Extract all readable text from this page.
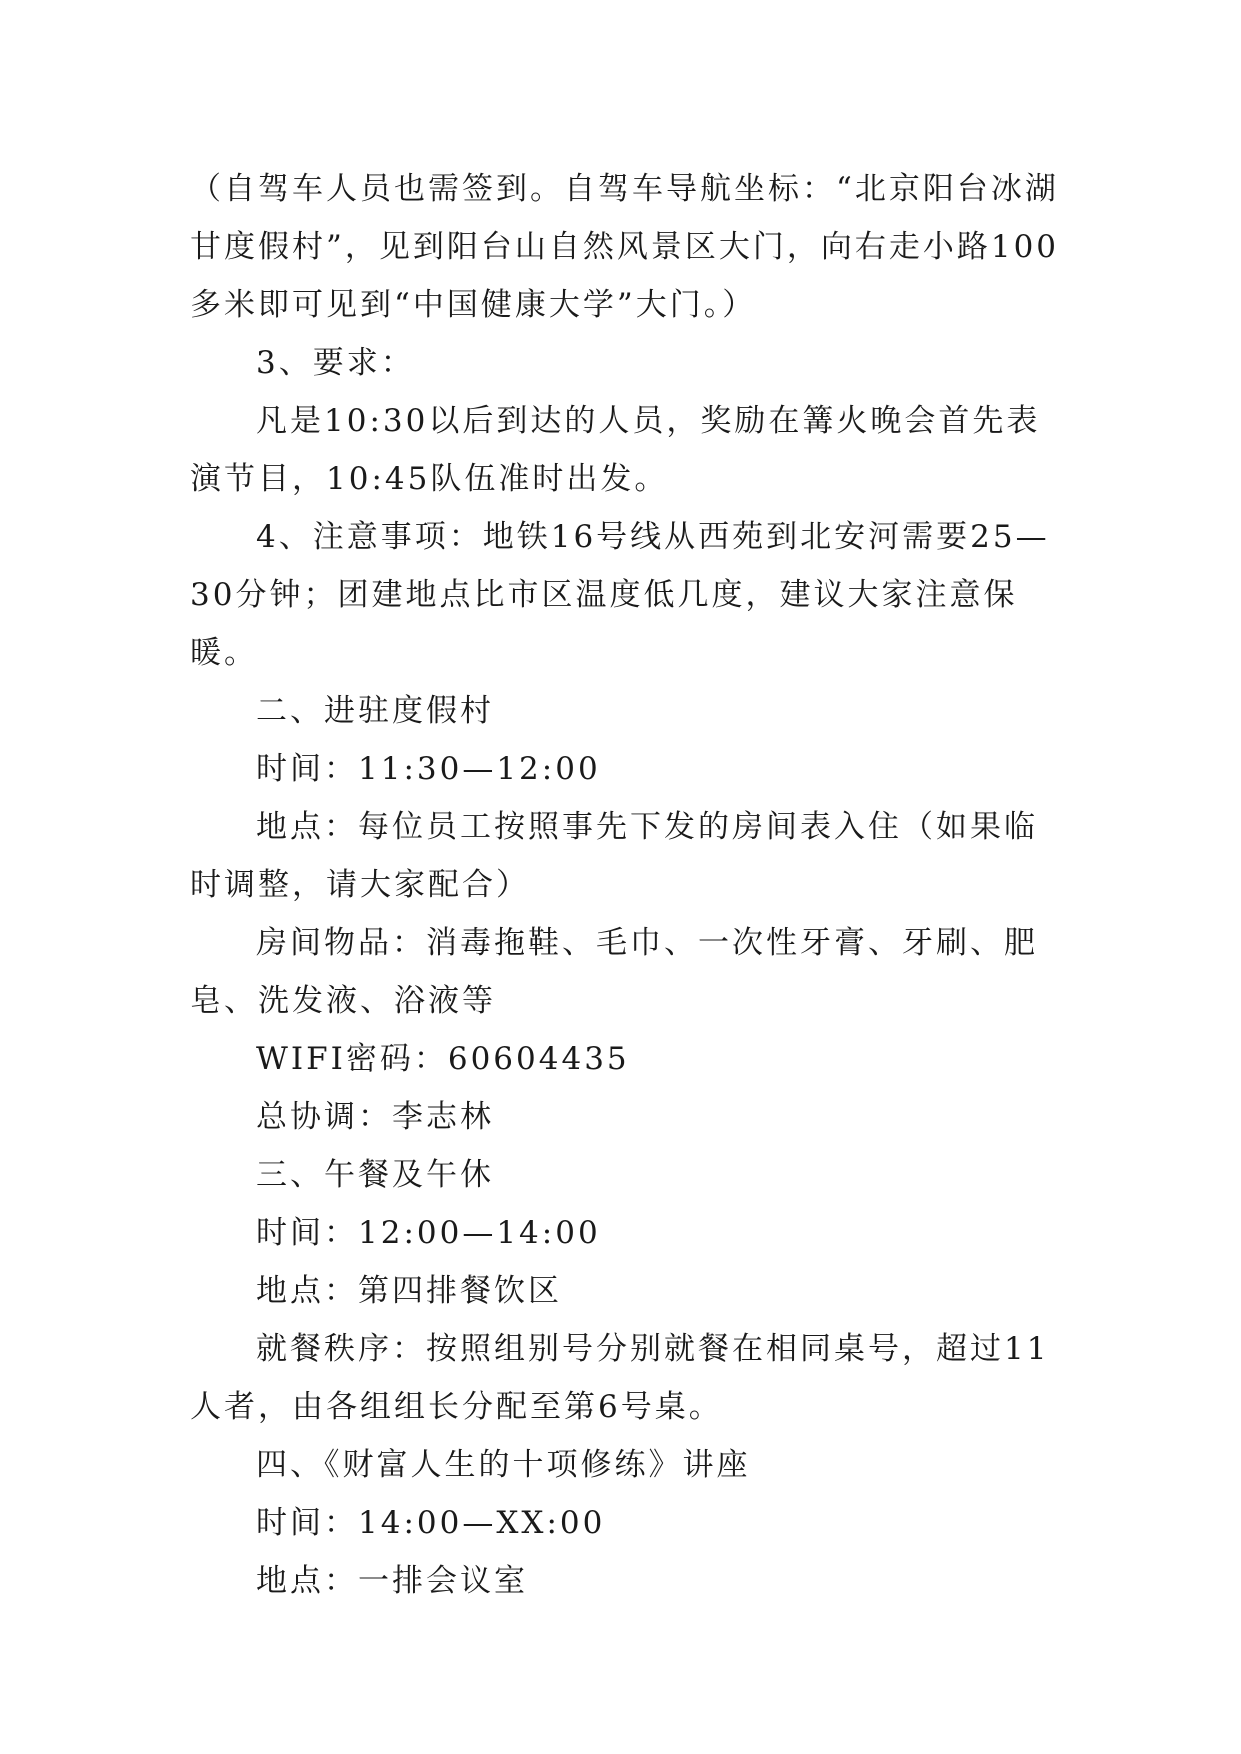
（自驾车人员也需签到。自驾车导航坐标：“北京阳台冰湖甘度假村”，见到阳台山自然风景区大门，向右走小路100多米即可见到“中国健康大学”大门。）

3、要求：

凡是10:30以后到达的人员，奖励在篝火晚会首先表演节目，10:45队伍准时出发。

4、注意事项：地铁16号线从西苑到北安河需要25—30分钟；团建地点比市区温度低几度，建议大家注意保暖。

二、进驻度假村

时间：11:30—12:00

地点：每位员工按照事先下发的房间表入住（如果临时调整，请大家配合）

房间物品：消毒拖鞋、毛巾、一次性牙膏、牙刷、肥皂、洗发液、浴液等

WIFI密码：60604435

总协调：李志林

三、午餐及午休

时间：12:00—14:00

地点：第四排餐饮区

就餐秩序：按照组别号分别就餐在相同桌号，超过11人者，由各组组长分配至第6号桌。

四、《财富人生的十项修练》讲座

时间：14:00—XX:00

地点：一排会议室
